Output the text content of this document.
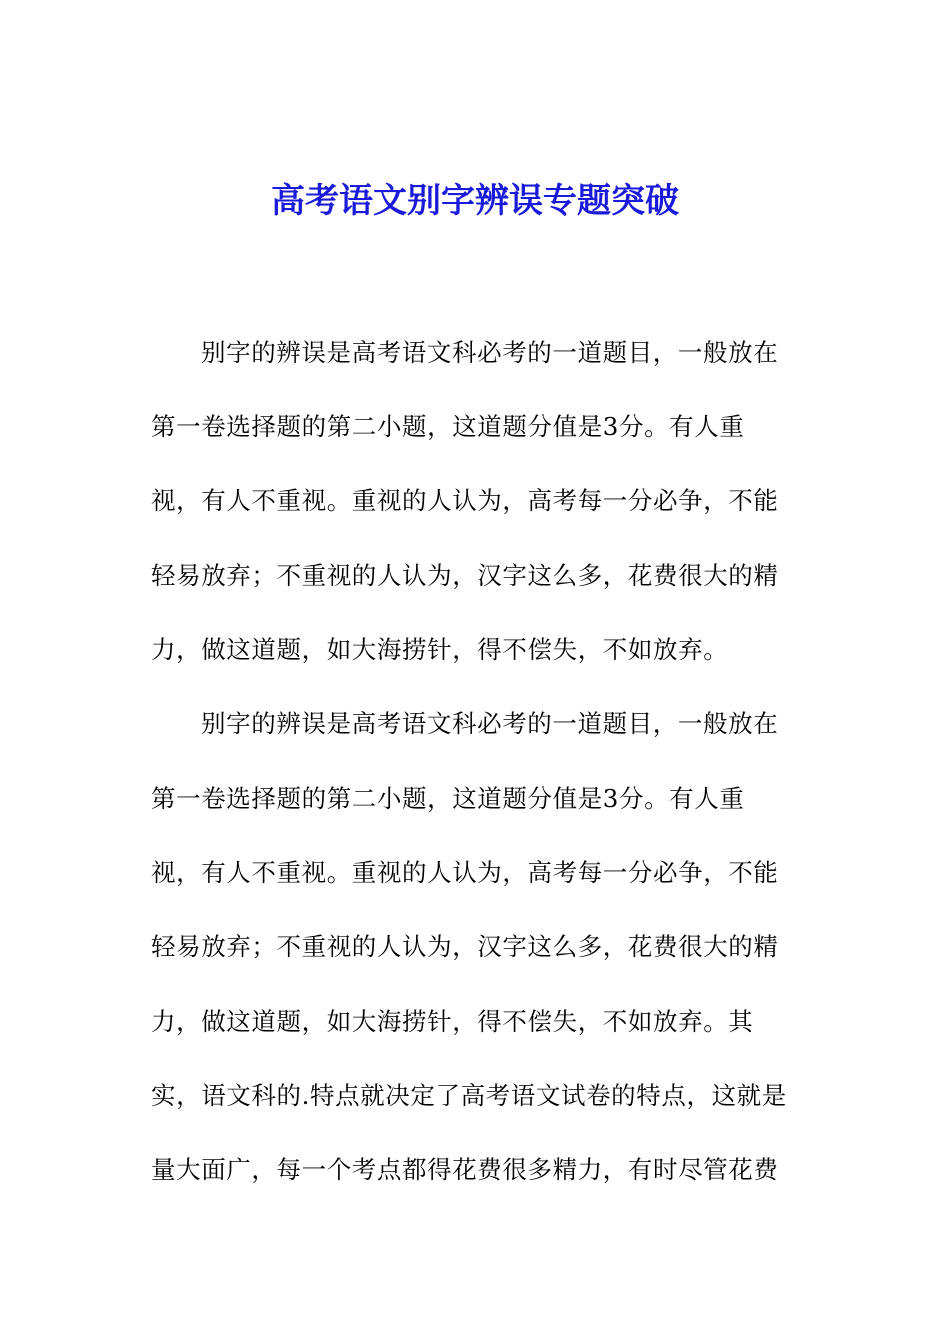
高考语文别字辨误专题突破
别字的辨误是高考语文科必考的一道题目，一般放在
第一卷选择题的第二小题，这道题分值是3分。有人重
视，有人不重视。重视的人认为，高考每一分必争，不能
轻易放弃；不重视的人认为，汉字这么多，花费很大的精
力，做这道题，如大海捞针，得不偿失，不如放弃。
别字的辨误是高考语文科必考的一道题目，一般放在
第一卷选择题的第二小题，这道题分值是3分。有人重
视，有人不重视。重视的人认为，高考每一分必争，不能
轻易放弃；不重视的人认为，汉字这么多，花费很大的精
力，做这道题，如大海捞针，得不偿失，不如放弃。其
实，语文科的.特点就决定了高考语文试卷的特点，这就是
量大面广，每一个考点都得花费很多精力，有时尽管花费
